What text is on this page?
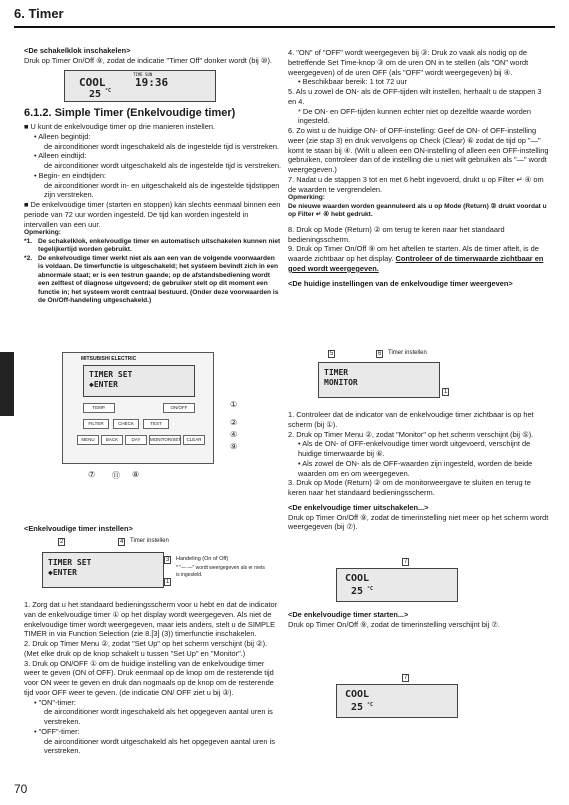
6. Timer

<De schakelklok inschakelen>

Druk op Timer On/Off ⑨, zodat de indicatie "Timer Off" donker wordt (bij ⑩).

COOL
TIME SUN
19:36
25 °C

6.1.2. Simple Timer (Enkelvoudige timer)

■ U kunt de enkelvoudige timer op drie manieren instellen.

• Alleen begintijd:

de airconditioner wordt ingeschakeld als de ingestelde tijd is verstreken.

• Alleen eindtijd:

de airconditioner wordt uitgeschakeld als de ingestelde tijd is verstreken.

• Begin- en eindtijden:

de airconditioner wordt in- en uitgeschakeld als de ingestelde tijdstippen zijn verstreken.

■ De enkelvoudige timer (starten en stoppen) kan slechts eenmaal binnen een periode van 72 uur worden ingesteld. De tijd kan worden ingesteld in intervallen van een uur.

Opmerking:

*1. De schakelklok, enkelvoudige timer en automatisch uitschakelen kunnen niet tegelijkertijd worden gebruikt.
*2. De enkelvoudige timer werkt niet als aan een van de volgende voorwaarden is voldaan. De timerfunctie is uitgeschakeld; het systeem bevindt zich in een abnormale staat; er is een testrun gaande; op de afstandsbediening wordt een zelftest of diagnose uitgevoerd; de gebruiker stelt op dit moment een functie in; het systeem wordt centraal bestuurd. (Onder deze voorwaarden is de On/Off-handeling uitgeschakeld.)
MITSUBISHI ELECTRIC
TIMER SET
◆ENTER
TEMP.	ON/OFF
FILTER	CHECK	TEST
MENU	BACK	DAY	MONITOR/SET	CLEAR
①
②
④
⑨
⑦ ⑪ ⑧

<Enkelvoudige timer instellen>

2	4	Timer instellen
TIMER SET
◆ENTER
3	Handeling (On of Off)
* "— —" wordt weergegeven als er niets is ingesteld.
1

1. Zorg dat u het standaard bedieningsscherm voor u hebt en dat de indicator van de enkelvoudige timer ① op het display wordt weergegeven. Als niet de enkelvoudige timer wordt weergegeven, maar iets anders, stelt u de SIMPLE TIMER in via Function Selection (zie 8.[3] (3)) timerfunctie inschakelen.

2. Druk op Timer Menu ②, zodat "Set Up" op het scherm verschijnt (bij ②). (Met elke druk op de knop schakelt u tussen "Set Up" en "Monitor".)

3. Druk op ON/OFF ① om de huidige instelling van de enkelvoudige timer weer te geven (ON of OFF). Druk eenmaal op de knop om de resterende tijd voor ON weer te geven en druk dan nogmaals op de knop om de resterende tijd voor OFF weer te geven. (de indicatie ON/ OFF ziet u bij ③).

• "ON"-timer:

de airconditioner wordt ingeschakeld als het opgegeven aantal uren is verstreken.

• "OFF"-timer:

de airconditioner wordt uitgeschakeld als het opgegeven aantal uren is verstreken.

4. "ON" of "OFF" wordt weergegeven bij ③: Druk zo vaak als nodig op de betreffende Set Time-knop ③ om de uren ON in te stellen (als "ON" wordt weergegeven) of de uren OFF (als "OFF" wordt weergegeven) bij ④.

• Beschikbaar bereik: 1 tot 72 uur

5. Als u zowel de ON- als de OFF-tijden wilt instellen, herhaalt u de stappen 3 en 4.

* De ON- en OFF-tijden kunnen echter niet op dezelfde waarde worden ingesteld.

6. Zo wist u de huidige ON- of OFF-instelling: Geef de ON- of OFF-instelling weer (zie stap 3) en druk vervolgens op Check (Clear) ⑥ zodat de tijd op "—" komt te staan bij ④. (Wilt u alleen een ON-instelling of alleen een OFF-instelling gebruiken, controleer dan of de instelling die u niet wilt gebruiken als "—" wordt weergegeven.)

7. Nadat u de stappen 3 tot en met 6 hebt ingevoerd, drukt u op Filter ↵ ④ om de waarden te vergrendelen.

Opmerking:

De nieuwe waarden worden geannuleerd als u op Mode (Return) ② drukt voordat u op Filter ↵ ④ hebt gedrukt.

8. Druk op Mode (Return) ② om terug te keren naar het standaard bedieningsscherm.

9. Druk op Timer On/Off ⑨ om het aftellen te starten. Als de timer aftelt, is de waarde zichtbaar op het display. Controleer of de timerwaarde zichtbaar en goed wordt weergegeven.

<De huidige instellingen van de enkelvoudige timer weergeven>

5	6	Timer instellen
TIMER
MONITOR
1

1. Controleer dat de indicator van de enkelvoudige timer zichtbaar is op het scherm (bij ①).

2. Druk op Timer Menu ②, zodat "Monitor" op het scherm verschijnt (bij ⑤).

• Als de ON- of OFF-enkelvoudige timer wordt uitgevoerd, verschijnt de huidige timerwaarde bij ⑥.

• Als zowel de ON- als de OFF-waarden zijn ingesteld, worden de beide waarden om en om weergegeven.

3. Druk op Mode (Return) ② om de monitorweergave te sluiten en terug te keren naar het standaard bedieningsscherm.

<De enkelvoudige timer uitschakelen...>

Druk op Timer On/Off ⑨, zodat de timerinstelling niet meer op het scherm wordt weergegeven (bij ⑦).

7
COOL
25 °C

<De enkelvoudige timer starten...>

Druk op Timer On/Off ⑨, zodat de timerinstelling verschijnt bij ⑦.

7
COOL
25 °C
70
